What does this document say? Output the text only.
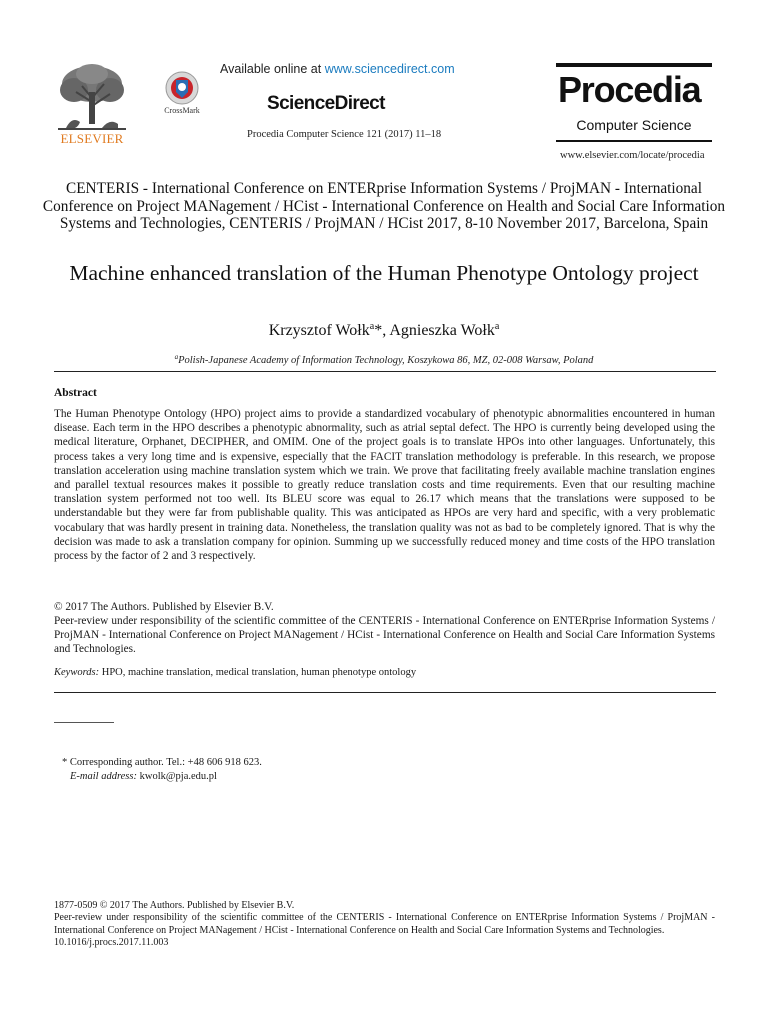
ELSEVIER
CrossMark
Available online at www.sciencedirect.com
ScienceDirect
Procedia Computer Science 121 (2017) 11–18
Procedia
Computer Science
www.elsevier.com/locate/procedia
CENTERIS - International Conference on ENTERprise Information Systems / ProjMAN - International Conference on Project MANagement / HCist - International Conference on Health and Social Care Information Systems and Technologies, CENTERIS / ProjMAN / HCist 2017, 8-10 November 2017, Barcelona, Spain
Machine enhanced translation of the Human Phenotype Ontology project
Krzysztof Wołk$^a$*, Agnieszka Wołk$^a$
$^a$Polish-Japanese Academy of Information Technology, Koszykowa 86, MZ, 02-008 Warsaw, Poland
Abstract
The Human Phenotype Ontology (HPO) project aims to provide a standardized vocabulary of phenotypic abnormalities encountered in human disease. Each term in the HPO describes a phenotypic abnormality, such as atrial septal defect. The HPO is currently being developed using the medical literature, Orphanet, DECIPHER, and OMIM. One of the project goals is to translate HPOs into other languages. Unfortunately, this process takes a very long time and is expensive, especially that the FACIT translation methodology is preferable. In this research, we propose translation acceleration using machine translation system which we train. We prove that facilitating freely available machine translation engines and parallel textual resources makes it possible to greatly reduce translation costs and time requirements. Even that our resulting machine translation system performed not too well. Its BLEU score was equal to 26.17 which means that the translations were supposed to be understandable but they were far from publishable quality. This was anticipated as HPOs are very hard and specific, with a very problematic vocabulary that was hardly present in training data. Nonetheless, the translation quality was not as bad to be completely ignored. That is why the decision was made to ask a translation company for opinion. Summing up we successfully reduced money and time costs of the HPO translation process by the factor of 2 and 3 respectively.
© 2017 The Authors. Published by Elsevier B.V.
Peer-review under responsibility of the scientific committee of the CENTERIS - International Conference on ENTERprise Information Systems / ProjMAN - International Conference on Project MANagement / HCist - International Conference on Health and Social Care Information Systems and Technologies.
Keywords: HPO, machine translation, medical translation, human phenotype ontology
* Corresponding author. Tel.: +48 606 918 623.
E-mail address: kwolk@pja.edu.pl
1877-0509 © 2017 The Authors. Published by Elsevier B.V.
Peer-review under responsibility of the scientific committee of the CENTERIS - International Conference on ENTERprise Information Systems / ProjMAN - International Conference on Project MANagement / HCist - International Conference on Health and Social Care Information Systems and Technologies.
10.1016/j.procs.2017.11.003
